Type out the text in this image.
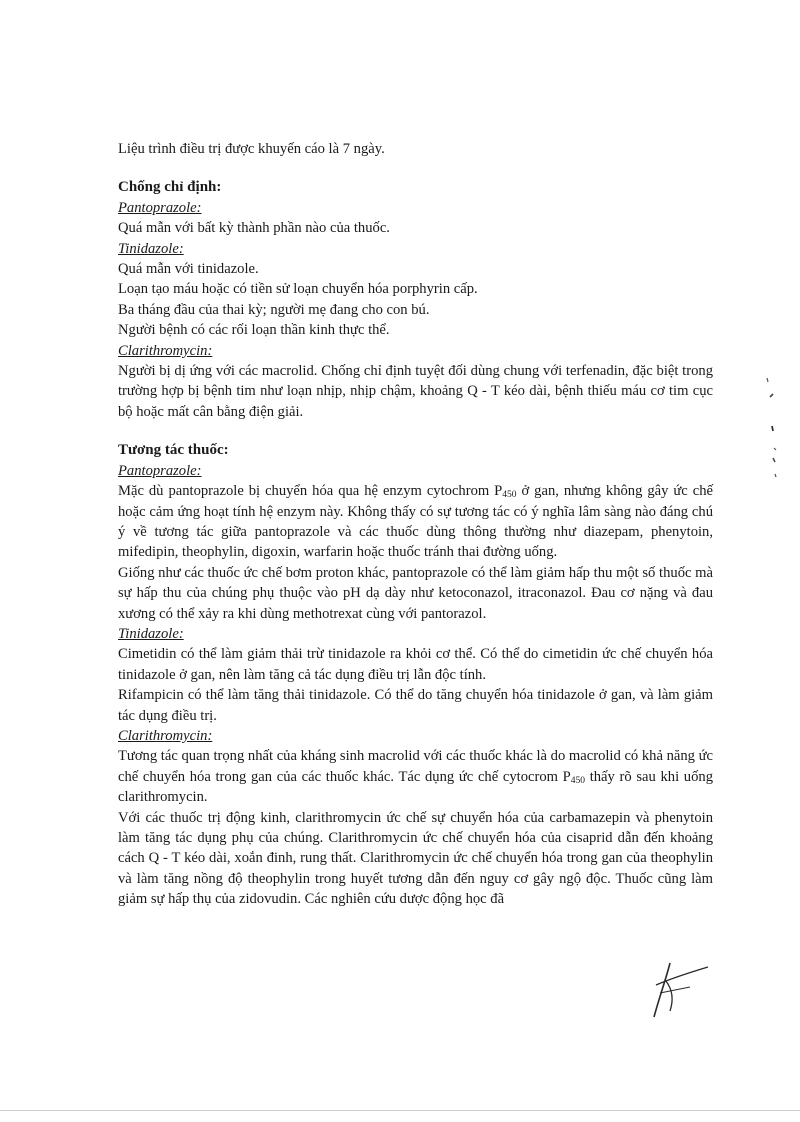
Liệu trình điều trị được khuyến cáo là 7 ngày.

Chống chỉ định:

Pantoprazole:

Quá mẫn với bất kỳ thành phần nào của thuốc.

Tinidazole:

Quá mẫn với tinidazole.

Loạn tạo máu hoặc có tiền sử loạn chuyển hóa porphyrin cấp.

Ba tháng đầu của thai kỳ; người mẹ đang cho con bú.

Người bệnh có các rối loạn thần kinh thực thể.

Clarithromycin:

Người bị dị ứng với các macrolid. Chống chỉ định tuyệt đối dùng chung với terfenadin, đặc biệt trong trường hợp bị bệnh tim như loạn nhịp, nhịp chậm, khoảng Q - T kéo dài, bệnh thiếu máu cơ tim cục bộ hoặc mất cân bằng điện giải.

Tương tác thuốc:

Pantoprazole:

Mặc dù pantoprazole bị chuyển hóa qua hệ enzym cytochrom $P_{450}$ ở gan, nhưng không gây ức chế hoặc cảm ứng hoạt tính hệ enzym này. Không thấy có sự tương tác có ý nghĩa lâm sàng nào đáng chú ý về tương tác giữa pantoprazole và các thuốc dùng thông thường như diazepam, phenytoin, mifedipin, theophylin, digoxin, warfarin hoặc thuốc tránh thai đường uống.

Giống như các thuốc ức chế bơm proton khác, pantoprazole có thể làm giảm hấp thu một số thuốc mà sự hấp thu của chúng phụ thuộc vào pH dạ dày như ketoconazol, itraconazol. Đau cơ nặng và đau xương có thể xảy ra khi dùng methotrexat cùng với pantorazol.

Tinidazole:

Cimetidin có thể làm giảm thải trừ tinidazole ra khỏi cơ thể. Có thể do cimetidin ức chế chuyển hóa tinidazole ở gan, nên làm tăng cả tác dụng điều trị lẫn độc tính.

Rifampicin có thể làm tăng thải tinidazole. Có thể do tăng chuyển hóa tinidazole ở gan, và làm giảm tác dụng điều trị.

Clarithromycin:

Tương tác quan trọng nhất của kháng sinh macrolid với các thuốc khác là do macrolid có khả năng ức chế chuyển hóa trong gan của các thuốc khác. Tác dụng ức chế cytocrom $P_{450}$ thấy rõ sau khi uống clarithromycin.

Với các thuốc trị động kinh, clarithromycin ức chế sự chuyển hóa của carbamazepin và phenytoin làm tăng tác dụng phụ của chúng. Clarithromycin ức chế chuyển hóa của cisaprid dẫn đến khoảng cách Q - T kéo dài, xoắn đinh, rung thất. Clarithromycin ức chế chuyển hóa trong gan của theophylin và làm tăng nồng độ theophylin trong huyết tương dẫn đến nguy cơ gây ngộ độc. Thuốc cũng làm giảm sự hấp thụ của zidovudin. Các nghiên cứu dược động học đã
